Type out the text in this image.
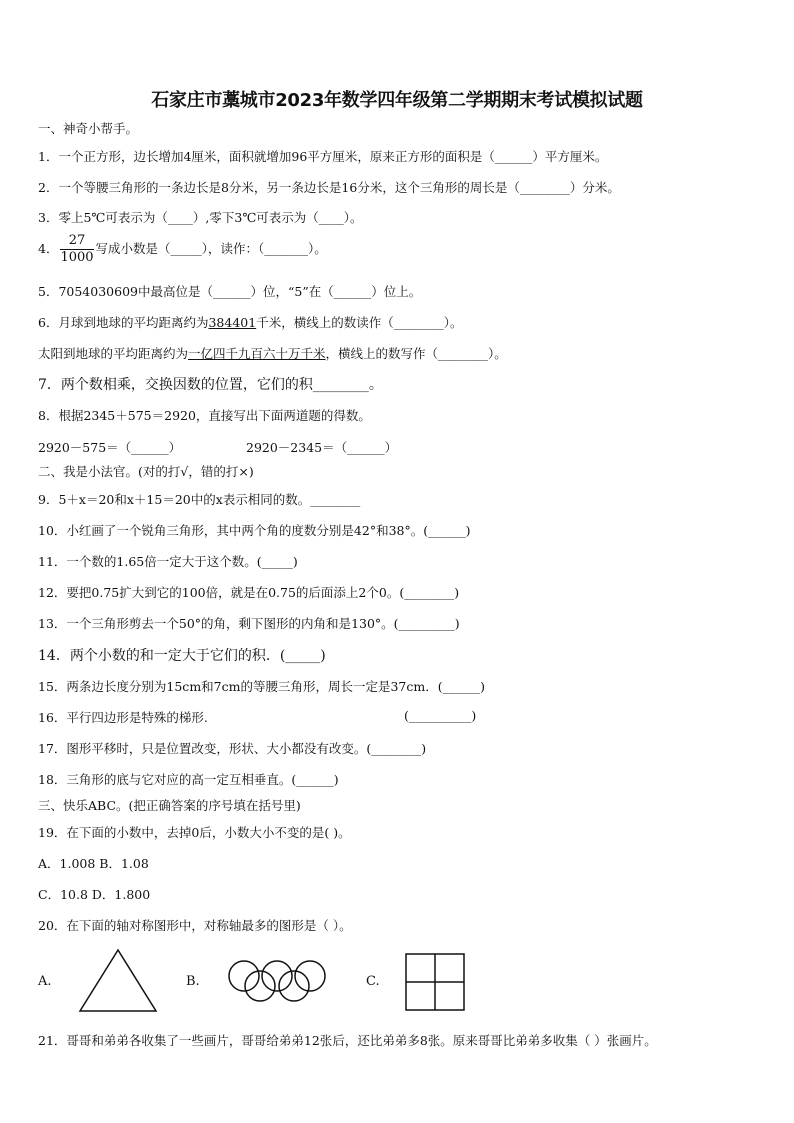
石家庄市藁城市2023年数学四年级第二学期期末考试模拟试题
一、神奇小帮手。
1．一个正方形，边长增加4厘米，面积就增加96平方厘米，原来正方形的面积是（______）平方厘米。
2．一个等腰三角形的一条边长是8分米，另一条边长是16分米，这个三角形的周长是（________）分米。
3．零上5℃可表示为（____）,零下3℃可表示为（____）。
4． $\frac{27}{1000}$ 写成小数是（_____），读作：（_______）。
5．7054030609中最高位是（______）位，“5”在（______）位上。
6．月球到地球的平均距离约为384401千米，横线上的数读作（________）。
太阳到地球的平均距离约为一亿四千九百六十万千米，横线上的数写作（________）。
7．两个数相乘，交换因数的位置，它们的积________。
8．根据2345＋575＝2920，直接写出下面两道题的得数。
2920－575＝（______）	2920－2345＝（______）
二、我是小法官。(对的打√，错的打×)
9．5＋x＝20和x＋15＝20中的x表示相同的数。________
10．小红画了一个锐角三角形，其中两个角的度数分别是42°和38°。(______)
11．一个数的1.65倍一定大于这个数。(_____)
12．要把0.75扩大到它的100倍，就是在0.75的后面添上2个0。(________)
13．一个三角形剪去一个50°的角，剩下图形的内角和是130°。(_________)
14．两个小数的和一定大于它们的积．(_____)
15．两条边长度分别为15cm和7cm的等腰三角形，周长一定是37cm．(______)
16．平行四边形是特殊的梯形.	(__________)
17．图形平移时，只是位置改变，形状、大小都没有改变。(________)
18．三角形的底与它对应的高一定互相垂直。(______)
三、快乐ABC。(把正确答案的序号填在括号里)
19．在下面的小数中，去掉0后，小数大小不变的是( )。
A．1.008 B．1.08
C．10.8 D．1.800
20．在下面的轴对称图形中，对称轴最多的图形是（ ）。
A.	B.	C.
21．哥哥和弟弟各收集了一些画片，哥哥给弟弟12张后，还比弟弟多8张。原来哥哥比弟弟多收集（ ）张画片。
